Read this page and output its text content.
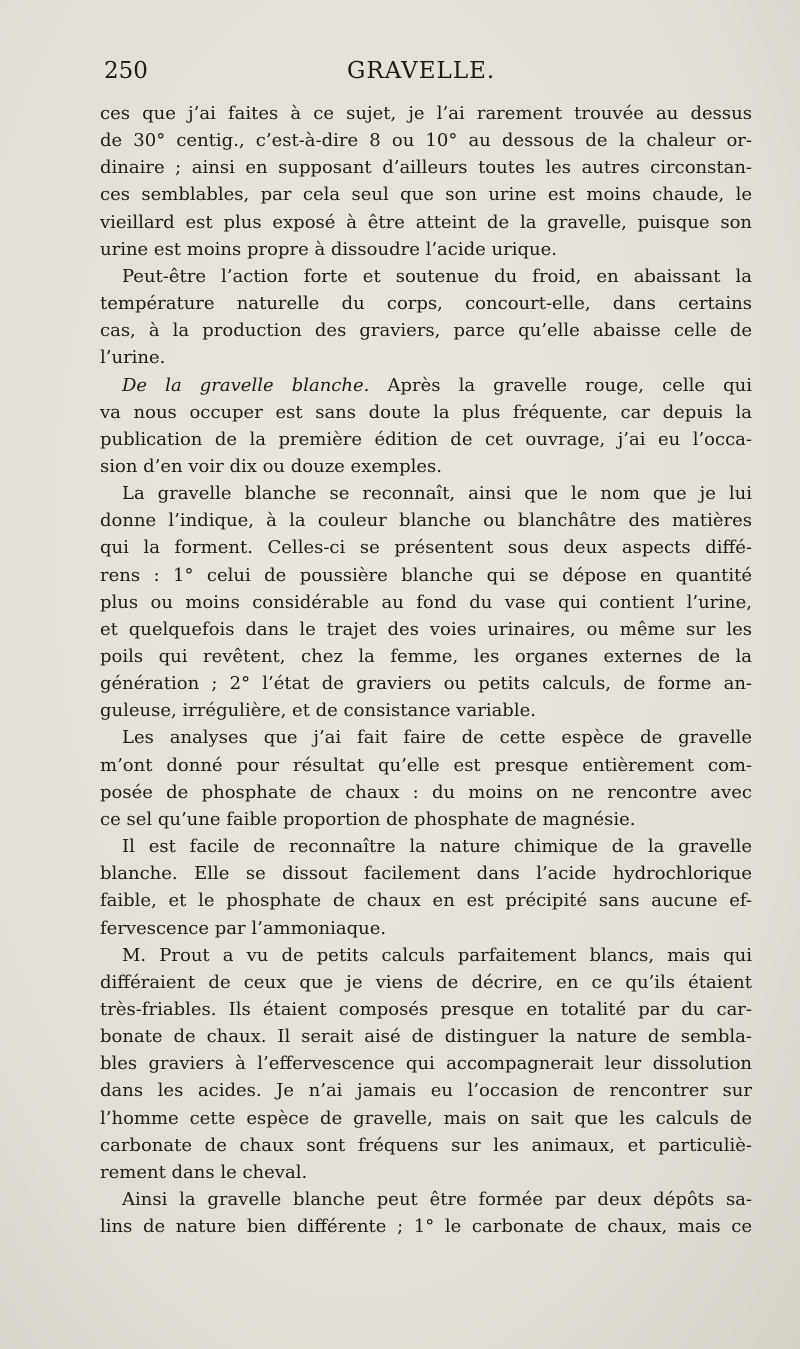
250	GRAVELLE.
ces que j’ai faites à ce sujet, je l’ai rarement trouvée au dessus
de 30° centig., c’est-à-dire 8 ou 10° au dessous de la chaleur or-
dinaire ; ainsi en supposant d’ailleurs toutes les autres circonstan-
ces semblables, par cela seul que son urine est moins chaude, le
vieillard est plus exposé à être atteint de la gravelle, puisque son
urine est moins propre à dissoudre l’acide urique.
Peut-être l’action forte et soutenue du froid, en abaissant la
température naturelle du corps, concourt-elle, dans certains
cas, à la production des graviers, parce qu’elle abaisse celle de
l’urine.
De la gravelle blanche. Après la gravelle rouge, celle qui
va nous occuper est sans doute la plus fréquente, car depuis la
publication de la première édition de cet ouvrage, j’ai eu l’occa-
sion d’en voir dix ou douze exemples.
La gravelle blanche se reconnaît, ainsi que le nom que je lui
donne l’indique, à la couleur blanche ou blanchâtre des matières
qui la forment. Celles-ci se présentent sous deux aspects diffé-
rens : 1° celui de poussière blanche qui se dépose en quantité
plus ou moins considérable au fond du vase qui contient l’urine,
et quelquefois dans le trajet des voies urinaires, ou même sur les
poils qui revêtent, chez la femme, les organes externes de la
génération ; 2° l’état de graviers ou petits calculs, de forme an-
guleuse, irrégulière, et de consistance variable.
Les analyses que j’ai fait faire de cette espèce de gravelle
m’ont donné pour résultat qu’elle est presque entièrement com-
posée de phosphate de chaux : du moins on ne rencontre avec
ce sel qu’une faible proportion de phosphate de magnésie.
Il est facile de reconnaître la nature chimique de la gravelle
blanche. Elle se dissout facilement dans l’acide hydrochlorique
faible, et le phosphate de chaux en est précipité sans aucune ef-
fervescence par l’ammoniaque.
M. Prout a vu de petits calculs parfaitement blancs, mais qui
différaient de ceux que je viens de décrire, en ce qu’ils étaient
très-friables. Ils étaient composés presque en totalité par du car-
bonate de chaux. Il serait aisé de distinguer la nature de sembla-
bles graviers à l’effervescence qui accompagnerait leur dissolution
dans les acides. Je n’ai jamais eu l’occasion de rencontrer sur
l’homme cette espèce de gravelle, mais on sait que les calculs de
carbonate de chaux sont fréquens sur les animaux, et particuliè-
rement dans le cheval.
Ainsi la gravelle blanche peut être formée par deux dépôts sa-
lins de nature bien différente ; 1° le carbonate de chaux, mais ce
